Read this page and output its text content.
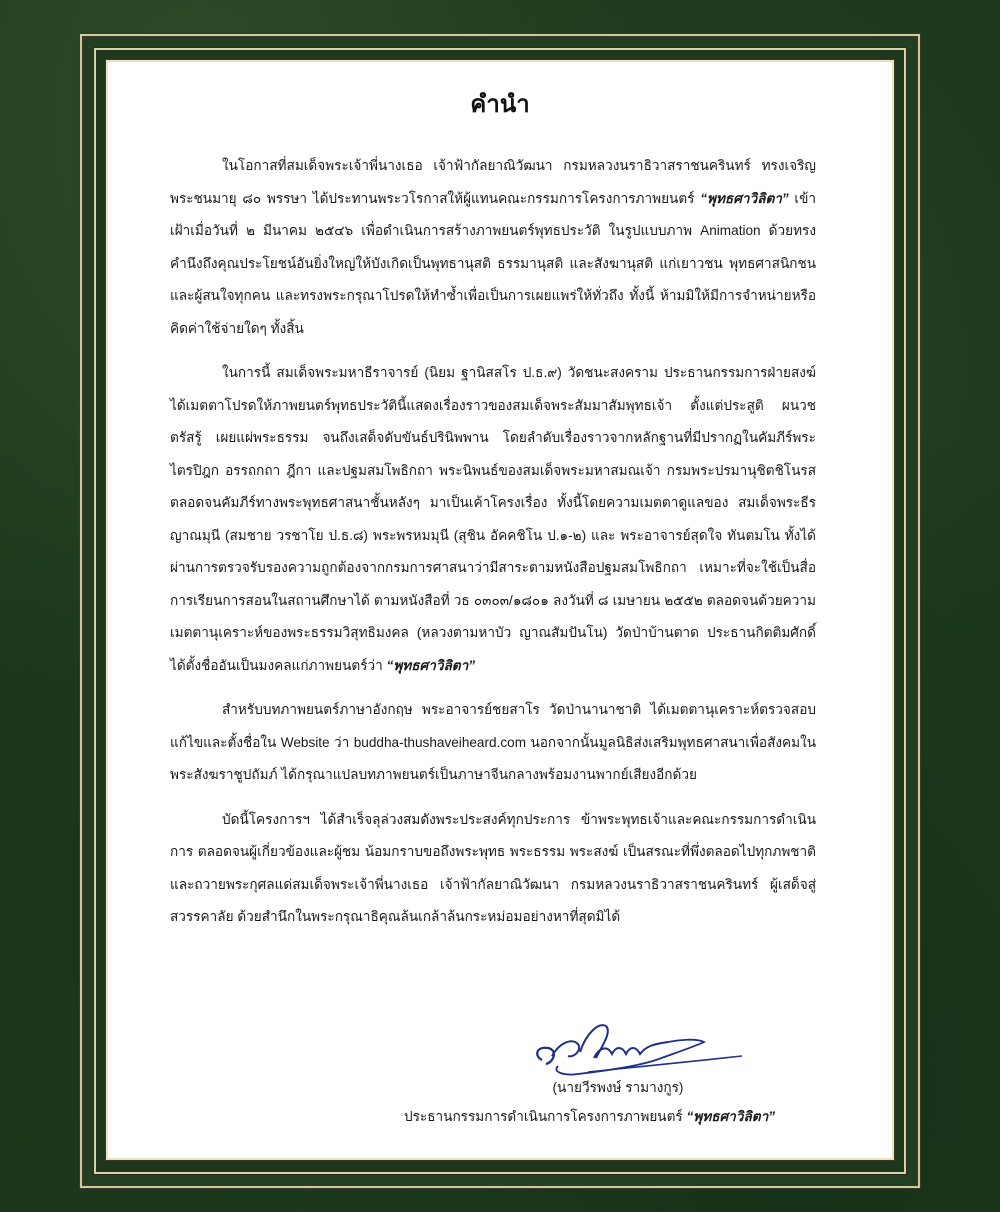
คำนำ

ในโอกาสที่สมเด็จพระเจ้าพี่นางเธอ เจ้าฟ้ากัลยาณิวัฒนา กรมหลวงนราธิวาสราชนครินทร์ ทรงเจริญพระชนมายุ ๘๐ พรรษา ได้ประทานพระวโรกาสให้ผู้แทนคณะกรรมการโครงการภาพยนตร์ “พุทธศาวิลิตา” เข้าเฝ้าเมื่อวันที่ ๒ มีนาคม ๒๕๔๖ เพื่อดำเนินการสร้างภาพยนตร์พุทธประวัติ ในรูปแบบภาพ Animation ด้วยทรงคำนึงถึงคุณประโยชน์อันยิ่งใหญ่ให้บังเกิดเป็นพุทธานุสติ ธรรมานุสติ และสังฆานุสติ แก่เยาวชน พุทธศาสนิกชน และผู้สนใจทุกคน และทรงพระกรุณาโปรดให้ทำซ้ำเพื่อเป็นการเผยแพร่ให้ทั่วถึง ทั้งนี้ ห้ามมิให้มีการจำหน่ายหรือคิดค่าใช้จ่ายใดๆ ทั้งสิ้น

ในการนี้ สมเด็จพระมหาธีราจารย์ (นิยม ฐานิสสโร ป.ธ.๙) วัดชนะสงคราม ประธานกรรมการฝ่ายสงฆ์ ได้เมตตาโปรดให้ภาพยนตร์พุทธประวัตินี้แสดงเรื่องราวของสมเด็จพระสัมมาสัมพุทธเจ้า ตั้งแต่ประสูติ ผนวช ตรัสรู้ เผยแผ่พระธรรม จนถึงเสด็จดับขันธ์ปรินิพพาน โดยลำดับเรื่องราวจากหลักฐานที่มีปรากฏในคัมภีร์พระไตรปิฎก อรรถกถา ฎีกา และปฐมสมโพธิกถา พระนิพนธ์ของสมเด็จพระมหาสมณเจ้า กรมพระปรมานุชิตชิโนรส ตลอดจนคัมภีร์ทางพระพุทธศาสนาชั้นหลังๆ มาเป็นเค้าโครงเรื่อง ทั้งนี้โดยความเมตตาดูแลของ สมเด็จพระธีรญาณมุนี (สมชาย วรชาโย ป.ธ.๘) พระพรหมมุนี (สุชิน อัคคชิโน ป.๑-๒) และ พระอาจารย์สุดใจ ทันตมโน ทั้งได้ผ่านการตรวจรับรองความถูกต้องจากกรมการศาสนาว่ามีสาระตามหนังสือปฐมสมโพธิกถา เหมาะที่จะใช้เป็นสื่อการเรียนการสอนในสถานศึกษาได้ ตามหนังสือที่ วธ ๐๓๐๓/๑๘๐๑ ลงวันที่ ๘ เมษายน ๒๕๕๒ ตลอดจนด้วยความเมตตานุเคราะห์ของพระธรรมวิสุทธิมงคล (หลวงตามหาบัว ญาณสัมปันโน) วัดป่าบ้านตาด ประธานกิตติมศักดิ์ ได้ตั้งชื่ออันเป็นมงคลแก่ภาพยนตร์ว่า “พุทธศาวิลิตา”

สำหรับบทภาพยนตร์ภาษาอังกฤษ พระอาจารย์ชยสาโร วัดป่านานาชาติ ได้เมตตานุเคราะห์ตรวจสอบแก้ไขและตั้งชื่อใน Website ว่า buddha-thushaveiheard.com นอกจากนั้นมูลนิธิส่งเสริมพุทธศาสนาเพื่อสังคมในพระสังฆราชูปถัมภ์ ได้กรุณาแปลบทภาพยนตร์เป็นภาษาจีนกลางพร้อมงานพากย์เสียงอีกด้วย

บัดนี้โครงการฯ ได้สำเร็จลุล่วงสมดังพระประสงค์ทุกประการ ข้าพระพุทธเจ้าและคณะกรรมการดำเนินการ ตลอดจนผู้เกี่ยวข้องและผู้ชม น้อมกราบขอถึงพระพุทธ พระธรรม พระสงฆ์ เป็นสรณะที่พึ่งตลอดไปทุกภพชาติ และถวายพระกุศลแด่สมเด็จพระเจ้าพี่นางเธอ เจ้าฟ้ากัลยาณิวัฒนา กรมหลวงนราธิวาสราชนครินทร์ ผู้เสด็จสู่สวรรคาลัย ด้วยสำนึกในพระกรุณาธิคุณล้นเกล้าล้นกระหม่อมอย่างหาที่สุดมิได้

(นายวีรพงษ์ รามางกูร)
ประธานกรรมการดำเนินการโครงการภาพยนตร์ “พุทธศาวิลิตา”
